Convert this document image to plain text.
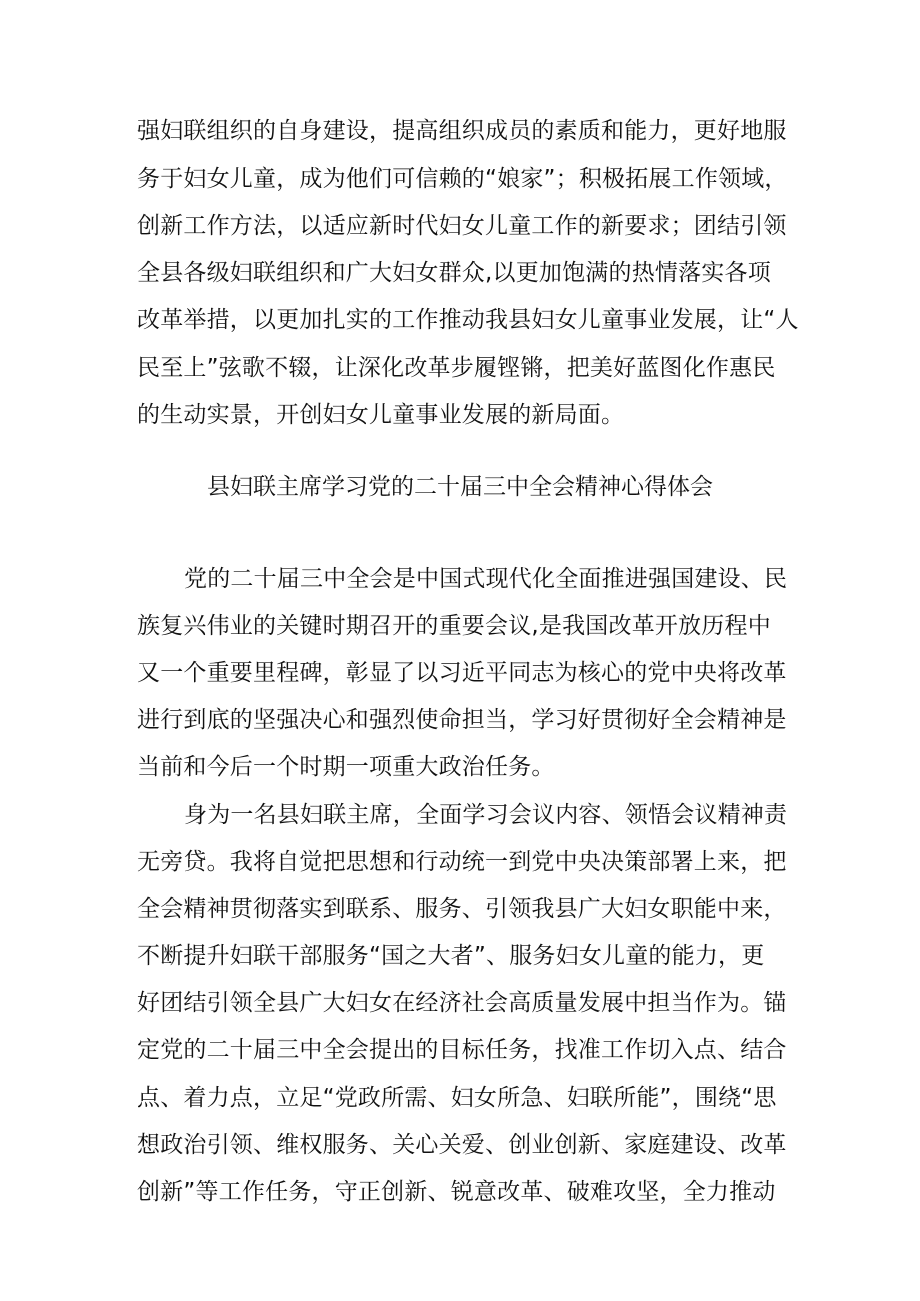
强妇联组织的自身建设，提高组织成员的素质和能力，更好地服
务于妇女儿童，成为他们可信赖的“娘家”；积极拓展工作领域，
创新工作方法，以适应新时代妇女儿童工作的新要求；团结引领
全县各级妇联组织和广大妇女群众,以更加饱满的热情落实各项
改革举措，以更加扎实的工作推动我县妇女儿童事业发展，让“人
民至上”弦歌不辍，让深化改革步履铿锵，把美好蓝图化作惠民
的生动实景，开创妇女儿童事业发展的新局面。
县妇联主席学习党的二十届三中全会精神心得体会
党的二十届三中全会是中国式现代化全面推进强国建设、民
族复兴伟业的关键时期召开的重要会议,是我国改革开放历程中
又一个重要里程碑，彰显了以习近平同志为核心的党中央将改革
进行到底的坚强决心和强烈使命担当，学习好贯彻好全会精神是
当前和今后一个时期一项重大政治任务。
身为一名县妇联主席，全面学习会议内容、领悟会议精神责
无旁贷。我将自觉把思想和行动统一到党中央决策部署上来，把
全会精神贯彻落实到联系、服务、引领我县广大妇女职能中来，
不断提升妇联干部服务“国之大者”、服务妇女儿童的能力，更
好团结引领全县广大妇女在经济社会高质量发展中担当作为。锚
定党的二十届三中全会提出的目标任务，找准工作切入点、结合
点、着力点，立足“党政所需、妇女所急、妇联所能”，围绕“思
想政治引领、维权服务、关心关爱、创业创新、家庭建设、改革
创新”等工作任务，守正创新、锐意改革、破难攻坚，全力推动
